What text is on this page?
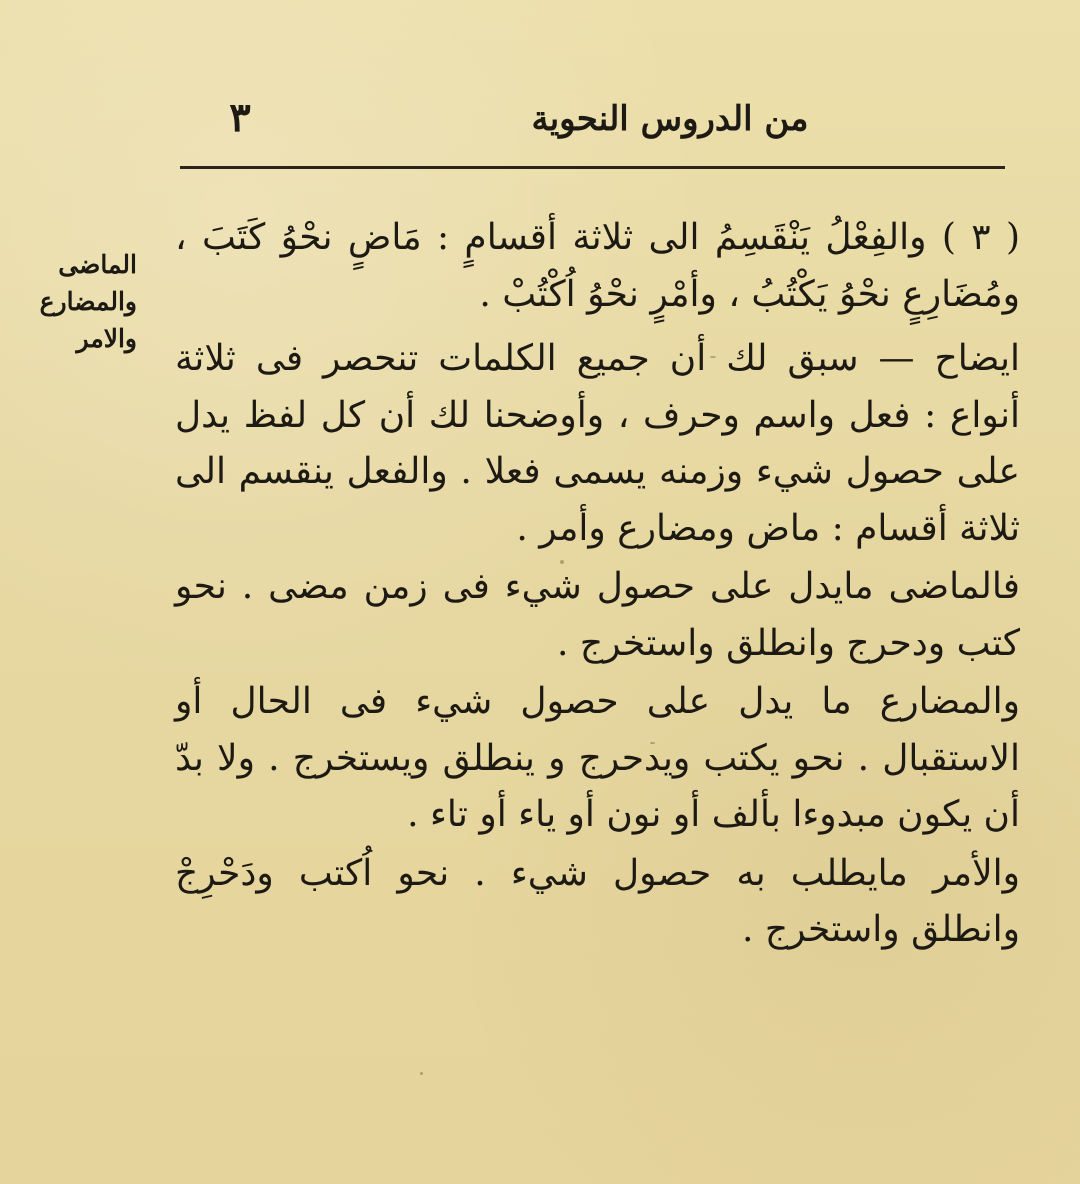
٣	من الدروس النحوية
الماضى
والمضارع
والامر

( ٣ ) والفِعْلُ يَنْقَسِمُ الى ثلاثة أقسامٍ : مَاضٍ نحْوُ كَتَبَ ، ومُضَارِعٍ نحْوُ يَكْتُبُ ، وأمْرٍ نحْوُ اُكْتُبْ .

ايضاح — سبق لك أن جميع الكلمات تنحصر فى ثلاثة أنواع : فعل واسم وحرف ، وأوضحنا لك أن كل لفظ يدل على حصول شيء وزمنه يسمى فعلا . والفعل ينقسم الى ثلاثة أقسام : ماض ومضارع وأمر .

فالماضى مايدل على حصول شيء فى زمن مضى . نحو كتب ودحرج وانطلق واستخرج .

والمضارع ما يدل على حصول شيء فى الحال أو الاستقبال . نحو يكتب ويدحرج و ينطلق ويستخرج . ولا بدّ أن يكون مبدوءا بألف أو نون أو ياء أو تاء .

والأمر مايطلب به حصول شيء . نحو اُكتب ودَحْرِجْ وانطلق واستخرج .
